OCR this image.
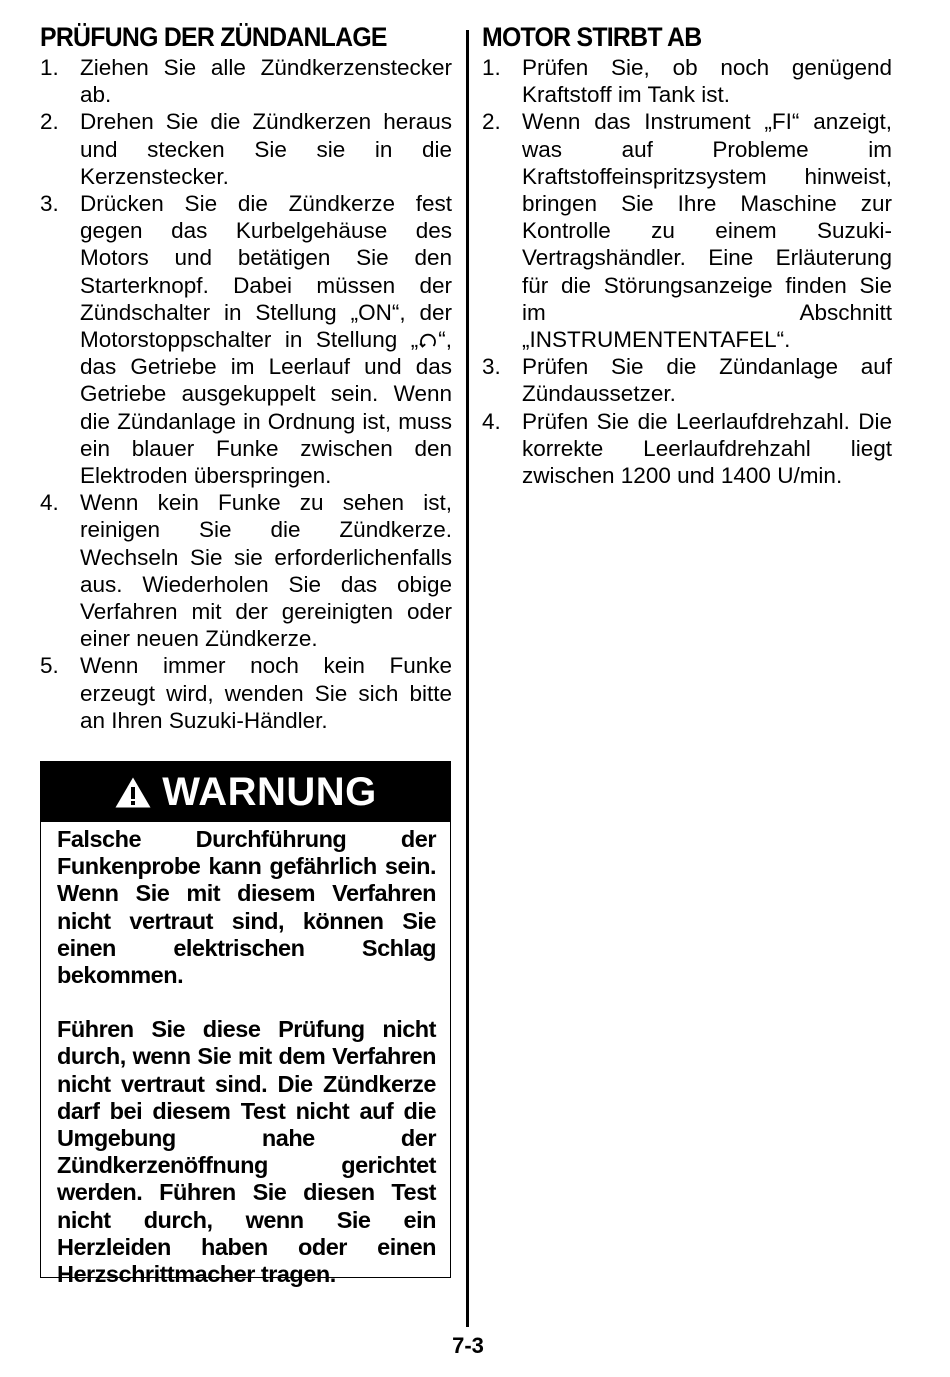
PRÜFUNG DER ZÜNDANLAGE
1. Ziehen Sie alle Zündkerzenstecker ab.
2. Drehen Sie die Zündkerzen heraus und stecken Sie sie in die Kerzenstecker.
3. Drücken Sie die Zündkerze fest gegen das Kurbelgehäuse des Motors und betätigen Sie den Starterknopf. Dabei müssen der Zündschalter in Stellung „ON“, der Motorstoppschalter in Stellung „ “, das Getriebe im Leerlauf und das Getriebe ausgekuppelt sein. Wenn die Zündanlage in Ordnung ist, muss ein blauer Funke zwischen den Elektroden überspringen.
4. Wenn kein Funke zu sehen ist, reinigen Sie die Zündkerze. Wechseln Sie sie erforderlichenfalls aus. Wiederholen Sie das obige Verfahren mit der gereinigten oder einer neuen Zündkerze.
5. Wenn immer noch kein Funke erzeugt wird, wenden Sie sich bitte an Ihren Suzuki-Händler.
WARNUNG

Falsche Durchführung der Funkenprobe kann gefährlich sein. Wenn Sie mit diesem Verfahren nicht vertraut sind, können Sie einen elektrischen Schlag bekommen.

Führen Sie diese Prüfung nicht durch, wenn Sie mit dem Verfahren nicht vertraut sind. Die Zündkerze darf bei diesem Test nicht auf die Umgebung nahe der Zündkerzenöffnung gerichtet werden. Führen Sie diesen Test nicht durch, wenn Sie ein Herzleiden haben oder einen Herzschrittmacher tragen.

MOTOR STIRBT AB
1. Prüfen Sie, ob noch genügend Kraftstoff im Tank ist.
2. Wenn das Instrument „FI“ anzeigt, was auf Probleme im Kraftstoffeinspritzsystem hinweist, bringen Sie Ihre Maschine zur Kontrolle zu einem Suzuki-Vertragshändler. Eine Erläuterung für die Störungsanzeige finden Sie im Abschnitt „INSTRUMENTENTAFEL“.
3. Prüfen Sie die Zündanlage auf Zündaussetzer.
4. Prüfen Sie die Leerlaufdrehzahl. Die korrekte Leerlaufdrehzahl liegt zwischen 1200 und 1400 U/min.
7-3
